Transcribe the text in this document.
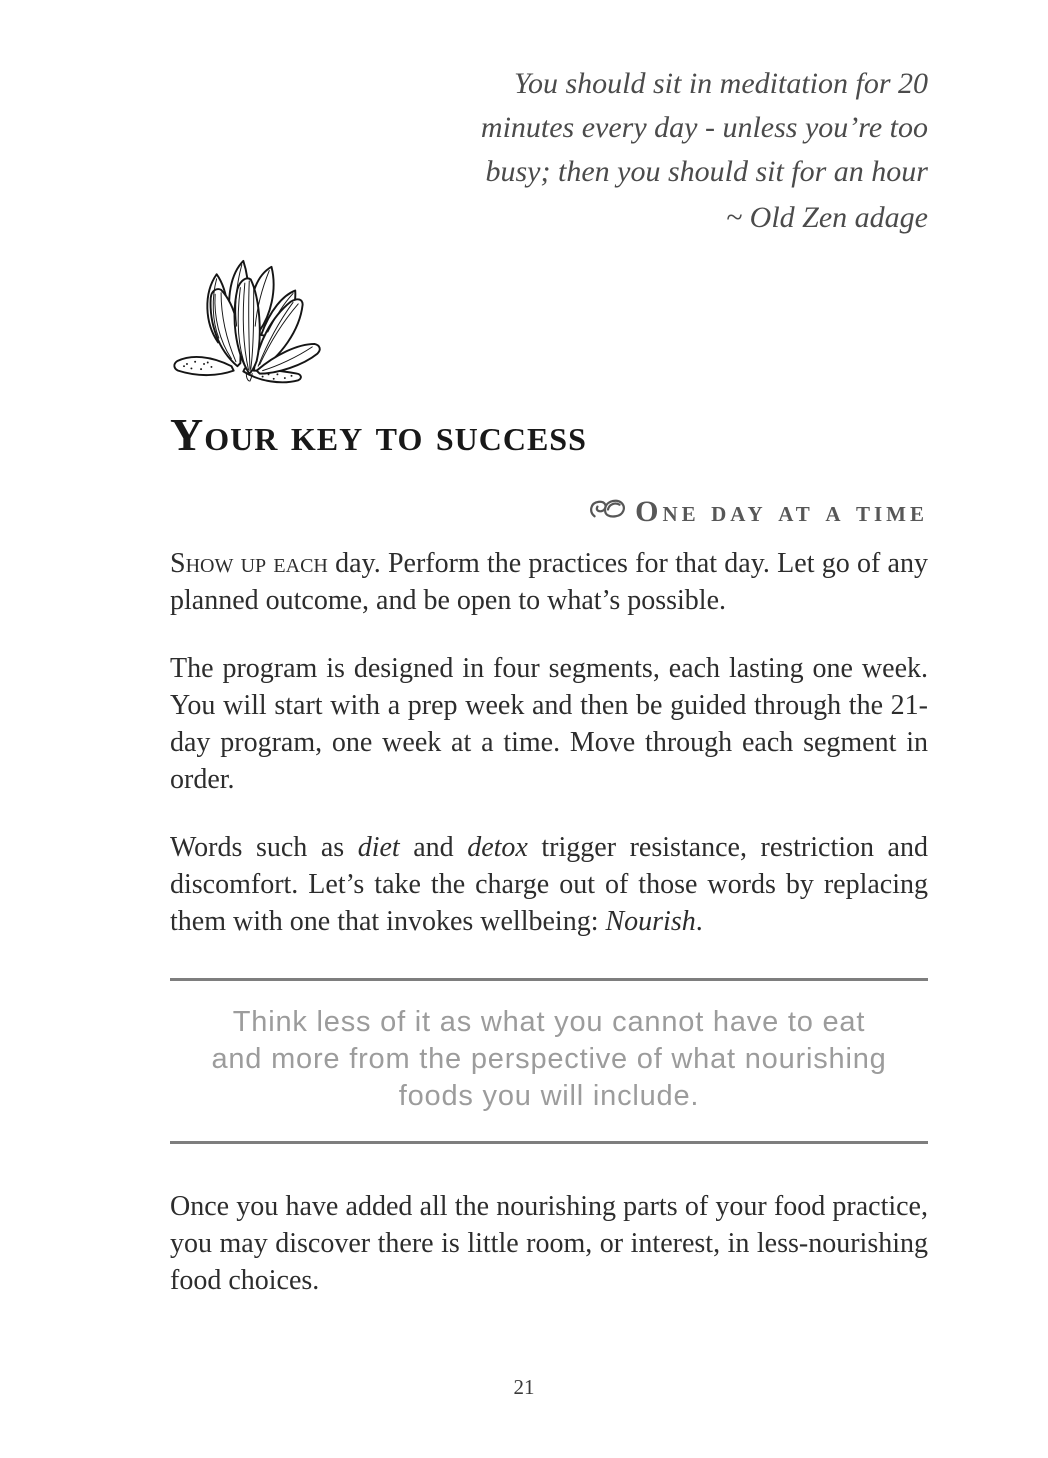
You should sit in meditation for 20
minutes every day - unless you’re too
busy; then you should sit for an hour
~ Old Zen adage
Your key to success
One day at a time

Show up each day. Perform the practices for that day. Let go of any planned outcome, and be open to what’s possible.

The program is designed in four segments, each lasting one week. You will start with a prep week and then be guided through the 21-day program, one week at a time. Move through each segment in order.

Words such as diet and detox trigger resistance, restriction and discomfort. Let’s take the charge out of those words by replacing them with one that invokes wellbeing: Nourish.

Think less of it as what you cannot have to eat and more from the perspective of what nourishing foods you will include.

Once you have added all the nourishing parts of your food practice, you may discover there is little room, or interest, in less-nourishing food choices.

21
